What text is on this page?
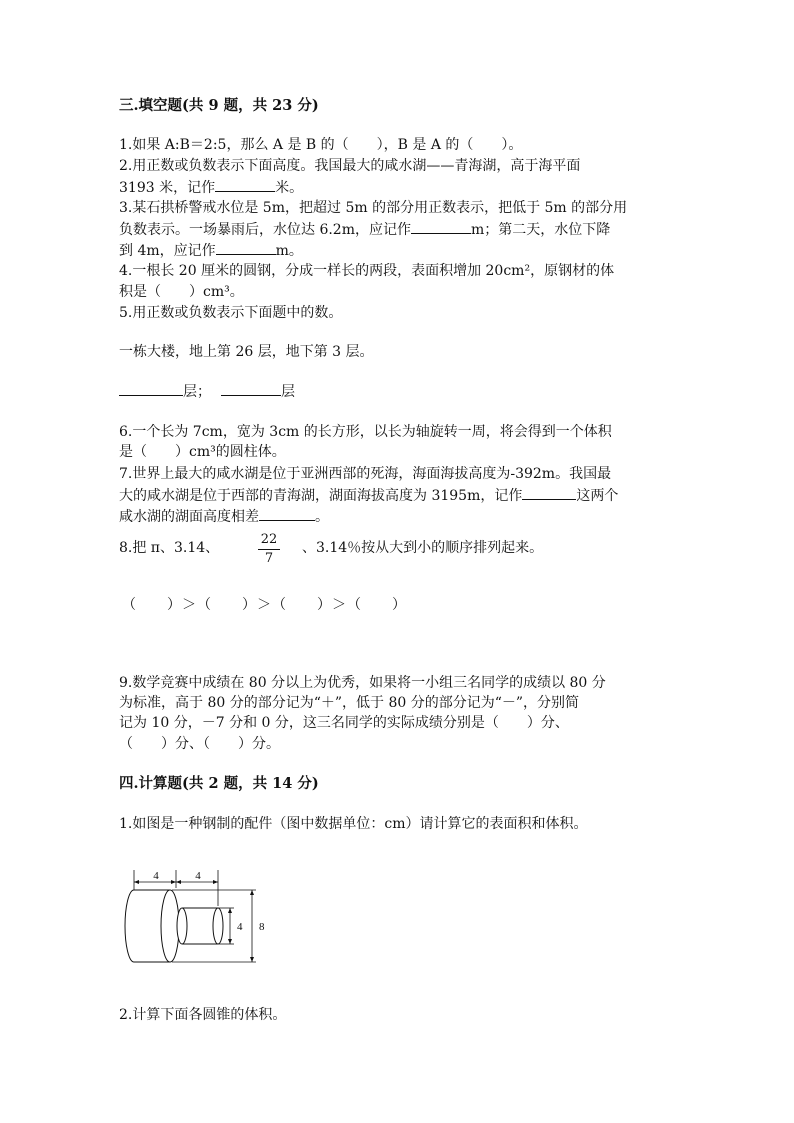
三.填空题(共 9 题，共 23 分)
1.如果 A:B＝2:5，那么 A 是 B 的（　　），B 是 A 的（　　）。
2.用正数或负数表示下面高度。我国最大的咸水湖——青海湖，高于海平面
3193 米，记作	米。
3.某石拱桥警戒水位是 5m，把超过 5m 的部分用正数表示，把低于 5m 的部分用
负数表示。一场暴雨后，水位达 6.2m，应记作	m；第二天，水位下降
到 4m，应记作	m。
4.一根长 20 厘米的圆钢，分成一样长的两段，表面积增加 20cm²，原钢材的体
积是（　　）cm³。
5.用正数或负数表示下面题中的数。
一栋大楼，地上第 26 层，地下第 3 层。
层；	层
6.一个长为 7cm，宽为 3cm 的长方形，以长为轴旋转一周，将会得到一个体积
是（　　）cm³的圆柱体。
7.世界上最大的咸水湖是位于亚洲西部的死海，海面海拔高度为-392m。我国最
大的咸水湖是位于西部的青海湖，湖面海拔高度为 3195m，记作	这两个
咸水湖的湖面高度相差	。
8.把 π、3.14、
22
7
、3.14％按从大到小的顺序排列起来。
（　　）＞（　　）＞（　　）＞（　　）
9.数学竞赛中成绩在 80 分以上为优秀，如果将一小组三名同学的成绩以 80 分
为标准，高于 80 分的部分记为“＋”，低于 80 分的部分记为“－”，分别简
记为 10 分，－7 分和 0 分，这三名同学的实际成绩分别是（　　）分、
（　　）分、（　　）分。
四.计算题(共 2 题，共 14 分)
1.如图是一种钢制的配件（图中数据单位：cm）请计算它的表面积和体积。
4	4
4 8
2.计算下面各圆锥的体积。
